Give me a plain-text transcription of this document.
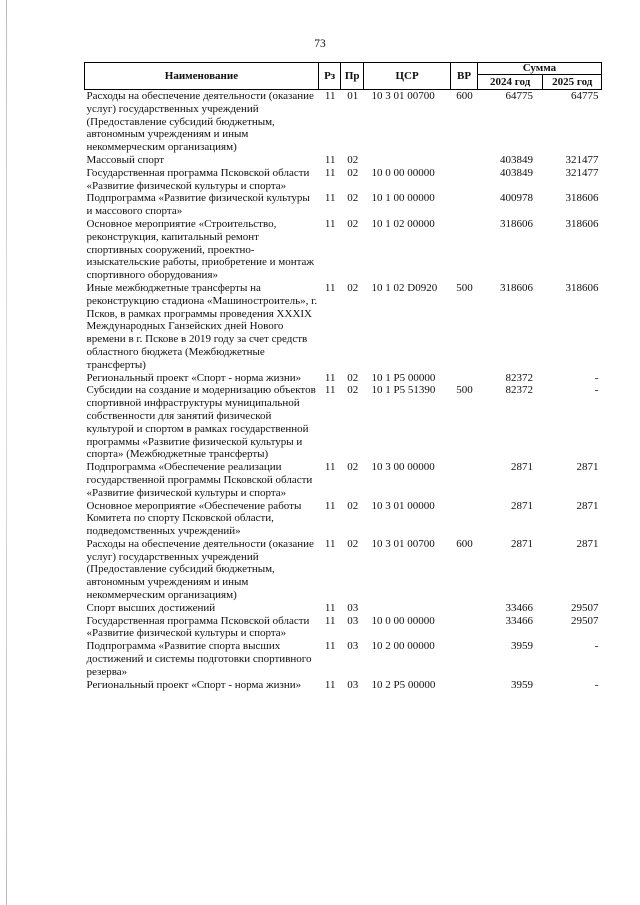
73
Наименование	Рз	Пр	ЦСР	ВР	Сумма	
					2024 год	2025 год
Расходы на обеспечение деятельности (оказание услуг) государственных учреждений (Предоставление субсидий бюджетным, автономным учреждениям и иным некоммерческим организациям)	11	01	10 3 01 00700	600	64775	64775
Массовый спорт	11	02			403849	321477
Государственная программа Псковской области «Развитие физической культуры и спорта»	11	02	10 0 00 00000		403849	321477
Подпрограмма «Развитие физической культуры и массового спорта»	11	02	10 1 00 00000		400978	318606
Основное мероприятие «Строительство, реконструкция, капитальный ремонт спортивных сооружений, проектно-изыскательские работы, приобретение и монтаж спортивного оборудования»	11	02	10 1 02 00000		318606	318606
Иные межбюджетные трансферты на реконструкцию стадиона «Машиностроитель», г. Псков, в рамках программы проведения XXXIX Международных Ганзейских дней Нового времени в г. Пскове в 2019 году за счет средств областного бюджета (Межбюджетные трансферты)	11	02	10 1 02 D0920	500	318606	318606
Региональный проект «Спорт - норма жизни»	11	02	10 1 P5 00000		82372	-
Субсидии на создание и модернизацию объектов спортивной инфраструктуры муниципальной собственности для занятий физической культурой и спортом в рамках государственной программы «Развитие физической культуры и спорта» (Межбюджетные трансферты)	11	02	10 1 P5 51390	500	82372	-
Подпрограмма «Обеспечение реализации государственной программы Псковской области «Развитие физической культуры и спорта»	11	02	10 3 00 00000		2871	2871
Основное мероприятие «Обеспечение работы Комитета по спорту Псковской области, подведомственных учреждений»	11	02	10 3 01 00000		2871	2871
Расходы на обеспечение деятельности (оказание услуг) государственных учреждений (Предоставление субсидий бюджетным, автономным учреждениям и иным некоммерческим организациям)	11	02	10 3 01 00700	600	2871	2871
Спорт высших достижений	11	03			33466	29507
Государственная программа Псковской области «Развитие физической культуры и спорта»	11	03	10 0 00 00000		33466	29507
Подпрограмма «Развитие спорта высших достижений и системы подготовки спортивного резерва»	11	03	10 2 00 00000		3959	-
Региональный проект «Спорт - норма жизни»	11	03	10 2 P5 00000		3959	-
